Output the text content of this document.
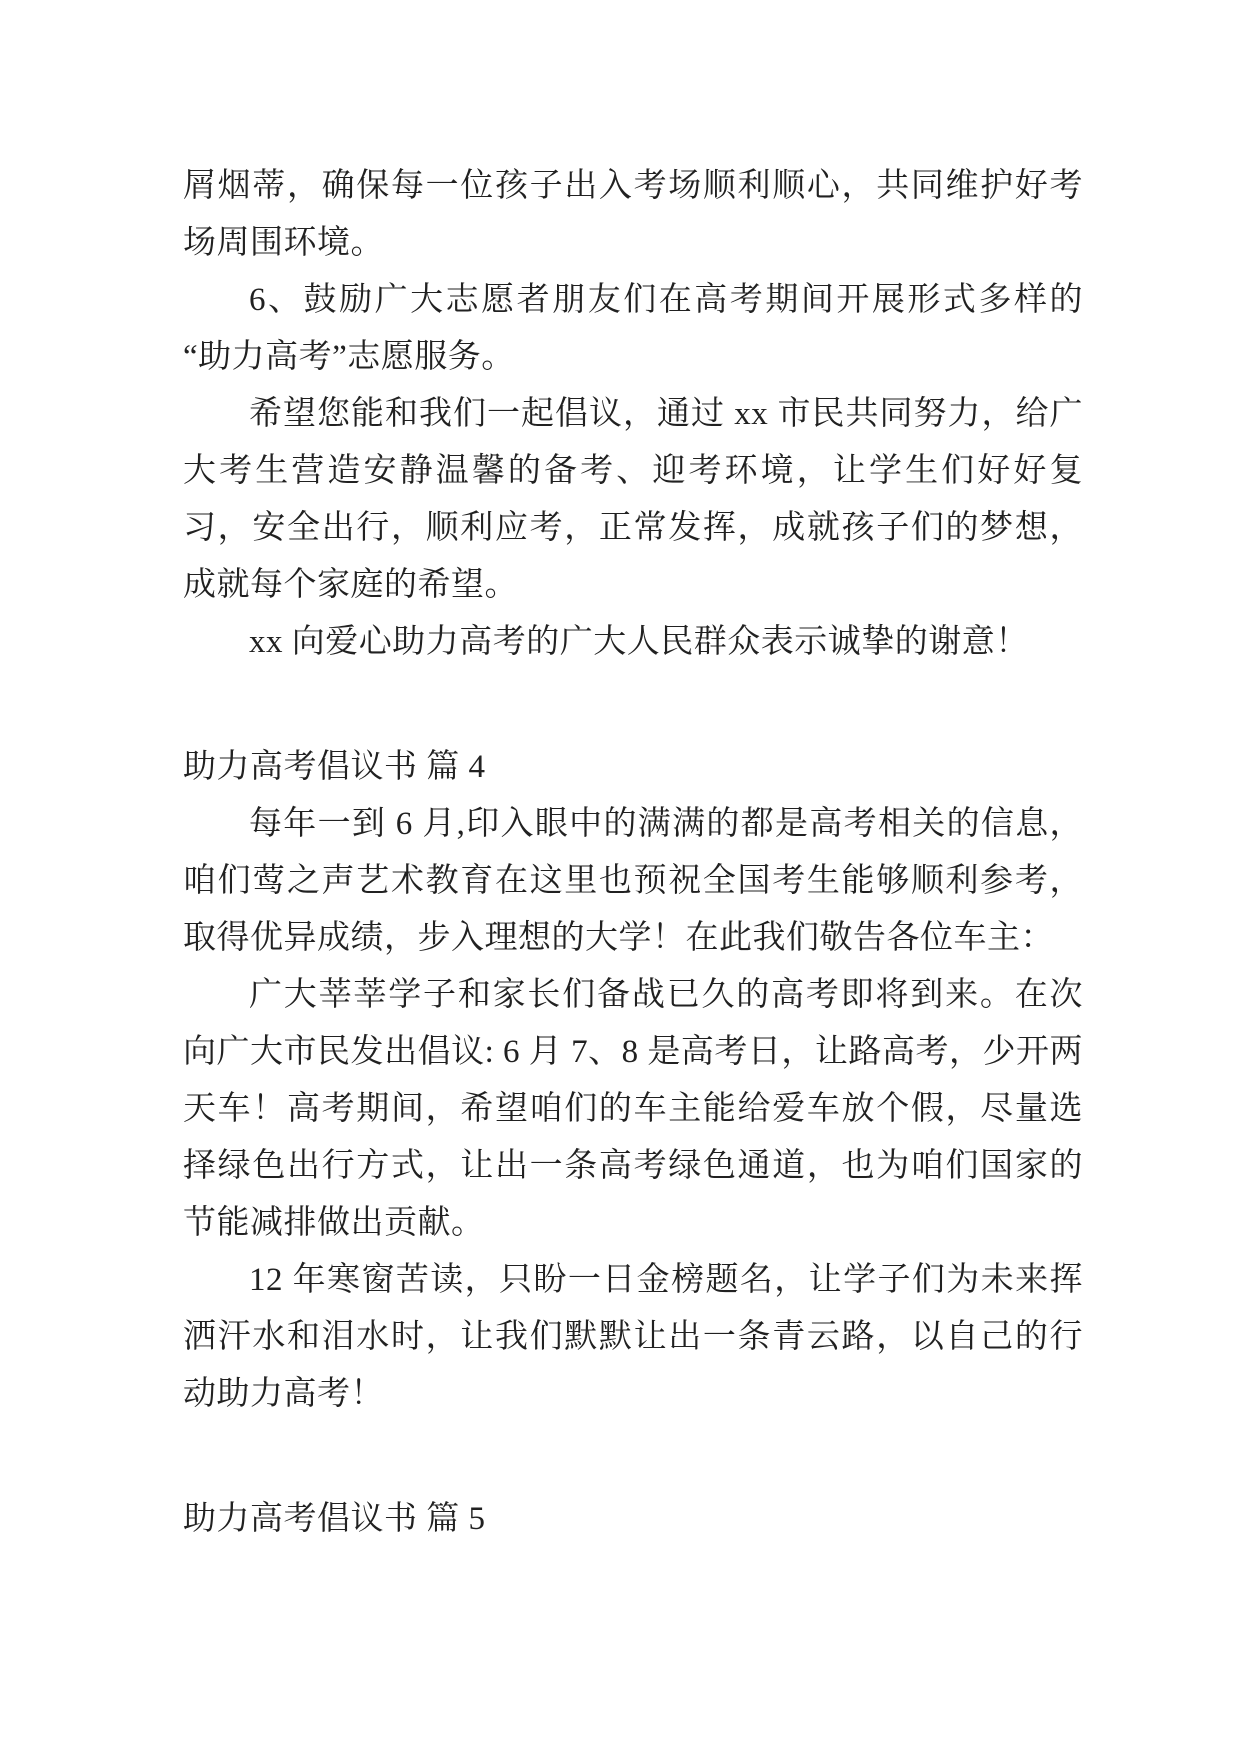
屑烟蒂，确保每一位孩子出入考场顺利顺心，共同维护好考场周围环境。

6、鼓励广大志愿者朋友们在高考期间开展形式多样的“助力高考”志愿服务。

希望您能和我们一起倡议，通过 xx 市民共同努力，给广大考生营造安静温馨的备考、迎考环境，让学生们好好复习，安全出行，顺利应考，正常发挥，成就孩子们的梦想，成就每个家庭的希望。

xx 向爱心助力高考的广大人民群众表示诚挚的谢意！

助力高考倡议书 篇 4

每年一到 6 月,印入眼中的满满的都是高考相关的信息，咱们莺之声艺术教育在这里也预祝全国考生能够顺利参考，取得优异成绩，步入理想的大学！在此我们敬告各位车主：

广大莘莘学子和家长们备战已久的高考即将到来。在次向广大市民发出倡议: 6 月 7、8 是高考日，让路高考，少开两天车！高考期间，希望咱们的车主能给爱车放个假，尽量选择绿色出行方式，让出一条高考绿色通道，也为咱们国家的节能减排做出贡献。

12 年寒窗苦读，只盼一日金榜题名，让学子们为未来挥洒汗水和泪水时，让我们默默让出一条青云路，以自己的行动助力高考！

助力高考倡议书 篇 5
